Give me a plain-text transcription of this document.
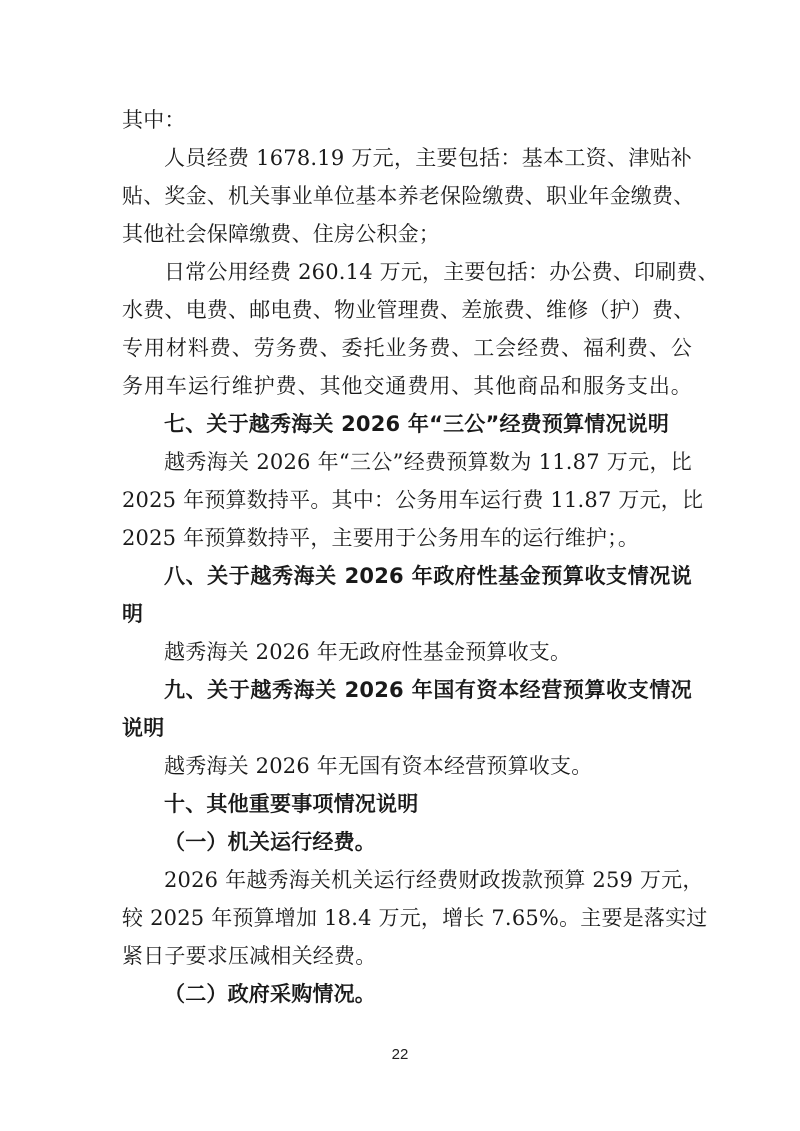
其中：
人员经费 1678.19 万元，主要包括：基本工资、津贴补
贴、奖金、机关事业单位基本养老保险缴费、职业年金缴费、
其他社会保障缴费、住房公积金；
日常公用经费 260.14 万元，主要包括：办公费、印刷费、
水费、电费、邮电费、物业管理费、差旅费、维修（护）费、
专用材料费、劳务费、委托业务费、工会经费、福利费、公
务用车运行维护费、其他交通费用、其他商品和服务支出。
七、关于越秀海关 2026 年“三公”经费预算情况说明
越秀海关 2026 年“三公”经费预算数为 11.87 万元，比
2025 年预算数持平。其中：公务用车运行费 11.87 万元，比
2025 年预算数持平，主要用于公务用车的运行维护；。
八、关于越秀海关 2026 年政府性基金预算收支情况说
明
越秀海关 2026 年无政府性基金预算收支。
九、关于越秀海关 2026 年国有资本经营预算收支情况
说明
越秀海关 2026 年无国有资本经营预算收支。
十、其他重要事项情况说明
（一）机关运行经费。
2026 年越秀海关机关运行经费财政拨款预算 259 万元，
较 2025 年预算增加 18.4 万元，增长 7.65%。主要是落实过
紧日子要求压减相关经费。
（二）政府采购情况。
22
